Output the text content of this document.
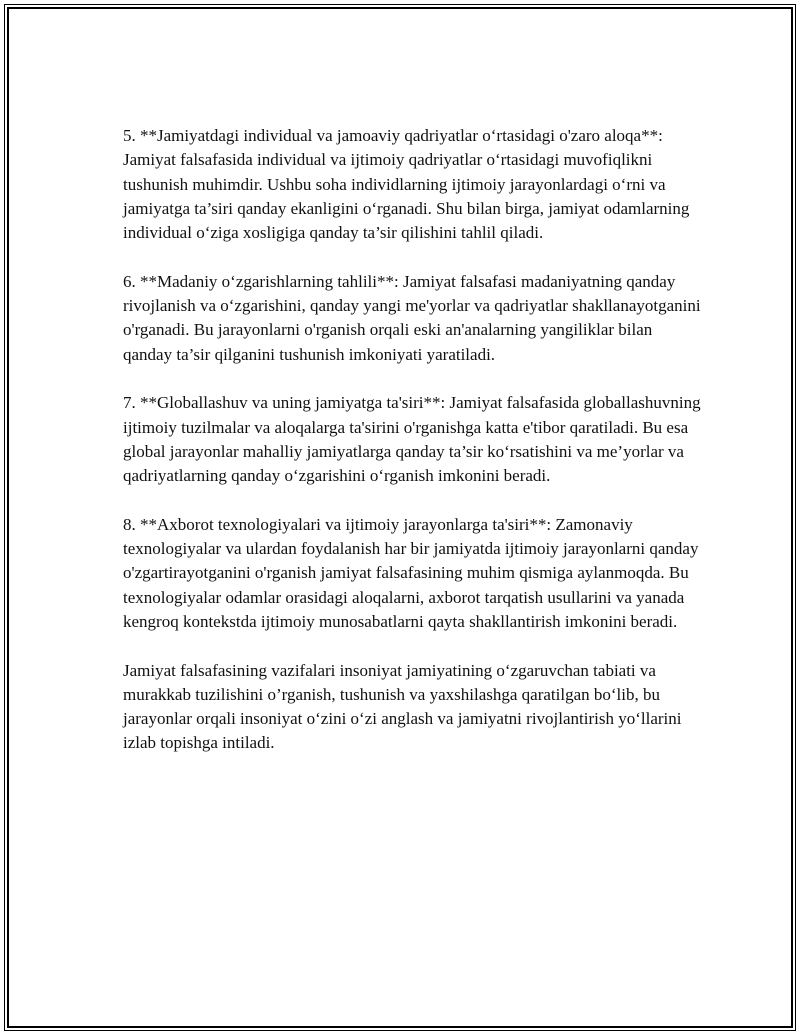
5. **Jamiyatdagi individual va jamoaviy qadriyatlar o‘rtasidagi o'zaro aloqa**: Jamiyat falsafasida individual va ijtimoiy qadriyatlar o‘rtasidagi muvofiqlikni tushunish muhimdir. Ushbu soha individlarning ijtimoiy jarayonlardagi o‘rni va jamiyatga ta’siri qanday ekanligini o‘rganadi. Shu bilan birga, jamiyat odamlarning individual o‘ziga xosligiga qanday ta’sir qilishini tahlil qiladi.

6. **Madaniy o‘zgarishlarning tahlili**: Jamiyat falsafasi madaniyatning qanday rivojlanish va o‘zgarishini, qanday yangi me'yorlar va qadriyatlar shakllanayotganini o'rganadi. Bu jarayonlarni o'rganish orqali eski an'analarning yangiliklar bilan qanday ta’sir qilganini tushunish imkoniyati yaratiladi.

7. **Globallashuv va uning jamiyatga ta'siri**: Jamiyat falsafasida globallashuvning ijtimoiy tuzilmalar va aloqalarga ta'sirini o'rganishga katta e'tibor qaratiladi. Bu esa global jarayonlar mahalliy jamiyatlarga qanday ta’sir ko‘rsatishini va me’yorlar va qadriyatlarning qanday o‘zgarishini o‘rganish imkonini beradi.

8. **Axborot texnologiyalari va ijtimoiy jarayonlarga ta'siri**: Zamonaviy texnologiyalar va ulardan foydalanish har bir jamiyatda ijtimoiy jarayonlarni qanday o'zgartirayotganini o'rganish jamiyat falsafasining muhim qismiga aylanmoqda. Bu texnologiyalar odamlar orasidagi aloqalarni, axborot tarqatish usullarini va yanada kengroq kontekstda ijtimoiy munosabatlarni qayta shakllantirish imkonini beradi.

Jamiyat falsafasining vazifalari insoniyat jamiyatining o‘zgaruvchan tabiati va murakkab tuzilishini o’rganish, tushunish va yaxshilashga qaratilgan bo‘lib, bu jarayonlar orqali insoniyat o‘zini o‘zi anglash va jamiyatni rivojlantirish yo‘llarini izlab topishga intiladi.
